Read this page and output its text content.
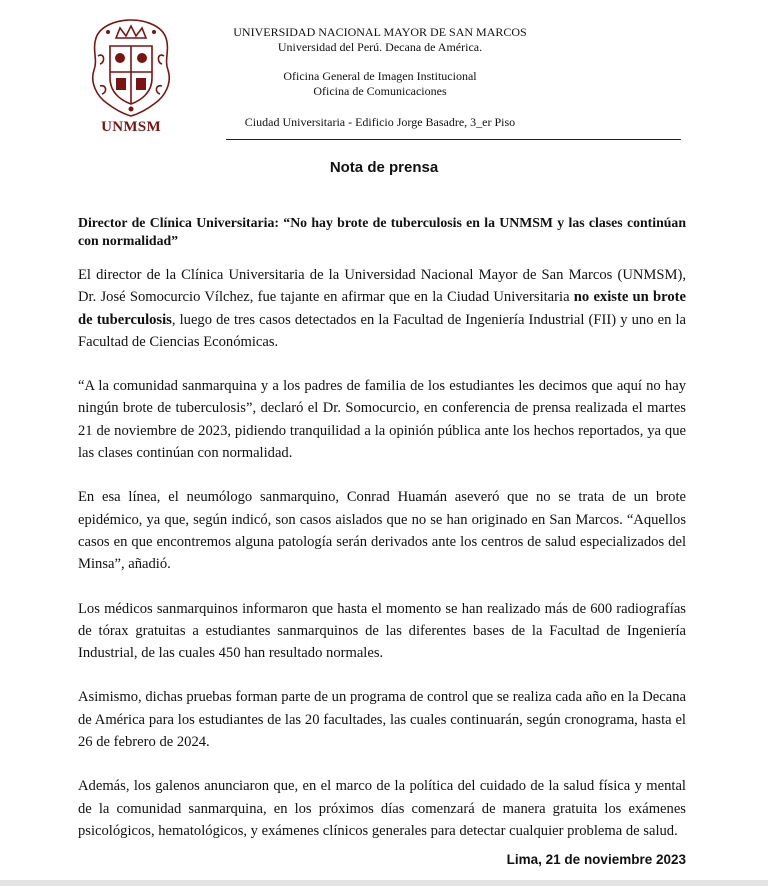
UNMSM
UNIVERSIDAD NACIONAL MAYOR DE SAN MARCOS
Universidad del Perú. Decana de América.
Oficina General de Imagen Institucional
Oficina de Comunicaciones
Ciudad Universitaria - Edificio Jorge Basadre, 3_er Piso
Nota de prensa
Director de Clínica Universitaria: “No hay brote de tuberculosis en la UNMSM y las clases continúan con normalidad”

El director de la Clínica Universitaria de la Universidad Nacional Mayor de San Marcos (UNMSM), Dr. José Somocurcio Vílchez, fue tajante en afirmar que en la Ciudad Universitaria no existe un brote de tuberculosis, luego de tres casos detectados en la Facultad de Ingeniería Industrial (FII) y uno en la Facultad de Ciencias Económicas.

“A la comunidad sanmarquina y a los padres de familia de los estudiantes les decimos que aquí no hay ningún brote de tuberculosis”, declaró el Dr. Somocurcio, en conferencia de prensa realizada el martes 21 de noviembre de 2023, pidiendo tranquilidad a la opinión pública ante los hechos reportados, ya que las clases continúan con normalidad.

En esa línea, el neumólogo sanmarquino, Conrad Huamán aseveró que no se trata de un brote epidémico, ya que, según indicó, son casos aislados que no se han originado en San Marcos. “Aquellos casos en que encontremos alguna patología serán derivados ante los centros de salud especializados del Minsa”, añadió.

Los médicos sanmarquinos informaron que hasta el momento se han realizado más de 600 radiografías de tórax gratuitas a estudiantes sanmarquinos de las diferentes bases de la Facultad de Ingeniería Industrial, de las cuales 450 han resultado normales.

Asimismo, dichas pruebas forman parte de un programa de control que se realiza cada año en la Decana de América para los estudiantes de las 20 facultades, las cuales continuarán, según cronograma, hasta el 26 de febrero de 2024.

Además, los galenos anunciaron que, en el marco de la política del cuidado de la salud física y mental de la comunidad sanmarquina, en los próximos días comenzará de manera gratuita los exámenes psicológicos, hematológicos, y exámenes clínicos generales para detectar cualquier problema de salud.

Lima, 21 de noviembre 2023
